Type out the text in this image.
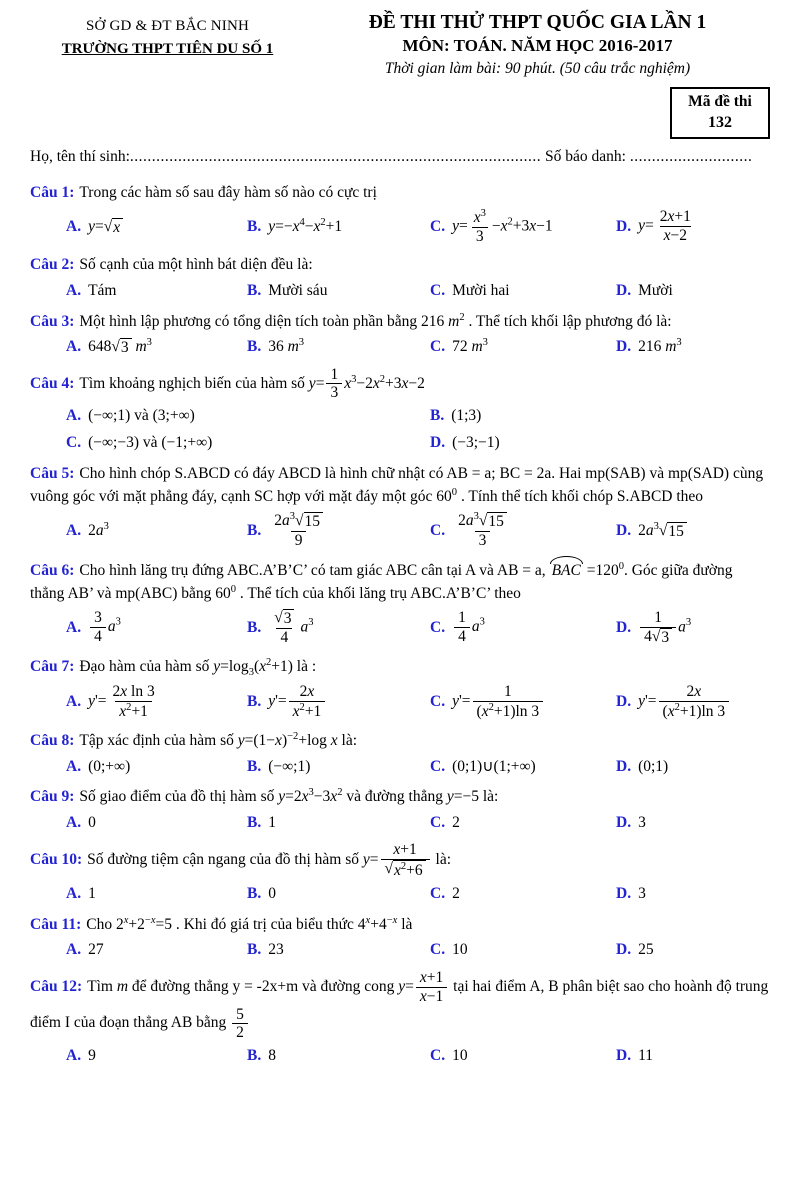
SỞ GD & ĐT BẮC NINH
TRƯỜNG THPT TIÊN DU SỐ 1
ĐỀ THI THỬ THPT QUỐC GIA LẦN 1
MÔN: TOÁN. NĂM HỌC 2016-2017
Thời gian làm bài: 90 phút. (50 câu trắc nghiệm)
Mã đề thi
132
Họ, tên thí sinh:.............................................................................................. Số báo danh: ............................
Câu 1: Trong các hàm số sau đây hàm số nào có cực trị
A. y= √ x	B. $y=-x^4-x^2+1$	C. $y= \frac{x^3}{3} -x^2+3x-1$	D. $y= \frac{2x+1}{x-2}$
Câu 2: Số cạnh của một hình bát diện đều là:
A. Tám	B. Mười sáu	C. Mười hai	D. Mười
Câu 3: Một hình lập phương có tổng diện tích toàn phần bằng 216 $m^2$ . Thể tích khối lập phương đó là:
A. 648 √ 3 $m^3$	B. 36 $m^3$	C. 72 $m^3$	D. 216 $m^3$
Câu 4: Tìm khoảng nghịch biến của hàm số $y= \frac{1}{3} x^3-2x^2+3x-2$
A. (−∞;1) và (3;+∞)	B. (1;3)
C. (−∞;−3) và (−1;+∞)	D. (−3;−1)
Câu 5: Cho hình chóp S.ABCD có đáy ABCD là hình chữ nhật có AB = a; BC = 2a. Hai mp(SAB) và mp(SAD) cùng vuông góc với mặt phẳng đáy, cạnh SC hợp với mặt đáy một góc $60^0$ . Tính thể tích khối chóp S.ABCD theo
A. $2a^3$	B. $\frac{2a^3 √ 15}{9}$	C. $\frac{2a^3 √ 15}{3}$	D. $2a^3$ √ 15
Câu 6: Cho hình lăng trụ đứng ABC.A’B’C’ có tam giác ABC cân tại A và AB = a, BAC $=120^0$. Góc giữa đường thẳng AB’ và mp(ABC) bằng $60^0$ . Thể tích của khối lăng trụ ABC.A’B’C’ theo
A. $\frac{3}{4} a^3$	B. $\frac{√ 3}{4} a^3$	C. $\frac{1}{4} a^3$	D. $\frac{1}{4 √ 3} a^3$
Câu 7: Đạo hàm của hàm số $y=\log_3(x^2+1)$ là :
A. $y'= \frac{\text{2x ln 3}}{x^2+1}$	B. $y'= \frac{2x}{x^2+1}$	C. $y'= \frac{1}{(x^2+1)\ln 3}$	D. $y'= \frac{2x}{(x^2+1)\ln 3}$
Câu 8: Tập xác định của hàm số $y=(1-x)^{-2}+\log$ x là:
A. (0;+∞)	B. (−∞;1)	C. (0;1)∪(1;+∞)	D. (0;1)
Câu 9: Số giao điểm của đồ thị hàm số $y=2x^3-3x^2$ và đường thẳng y=−5 là:
A. 0	B. 1	C. 2	D. 3
Câu 10: Số đường tiệm cận ngang của đồ thị hàm số $y= \frac{x+1}{√ x^2+6}$ là:
A. 1	B. 0	C. 2	D. 3
Câu 11: Cho $2^x+2^{-x}=5$ . Khi đó giá trị của biểu thức $4^x+4^{-x}$ là
A. 27	B. 23	C. 10	D. 25
Câu 12: Tìm m để đường thẳng y = -2x+m và đường cong $y= \frac{x+1}{x-1}$ tại hai điểm A, B phân biệt sao cho hoành độ trung điểm I của đoạn thẳng AB bằng $\frac{5}{2}$
A. 9	B. 8	C. 10	D. 11
